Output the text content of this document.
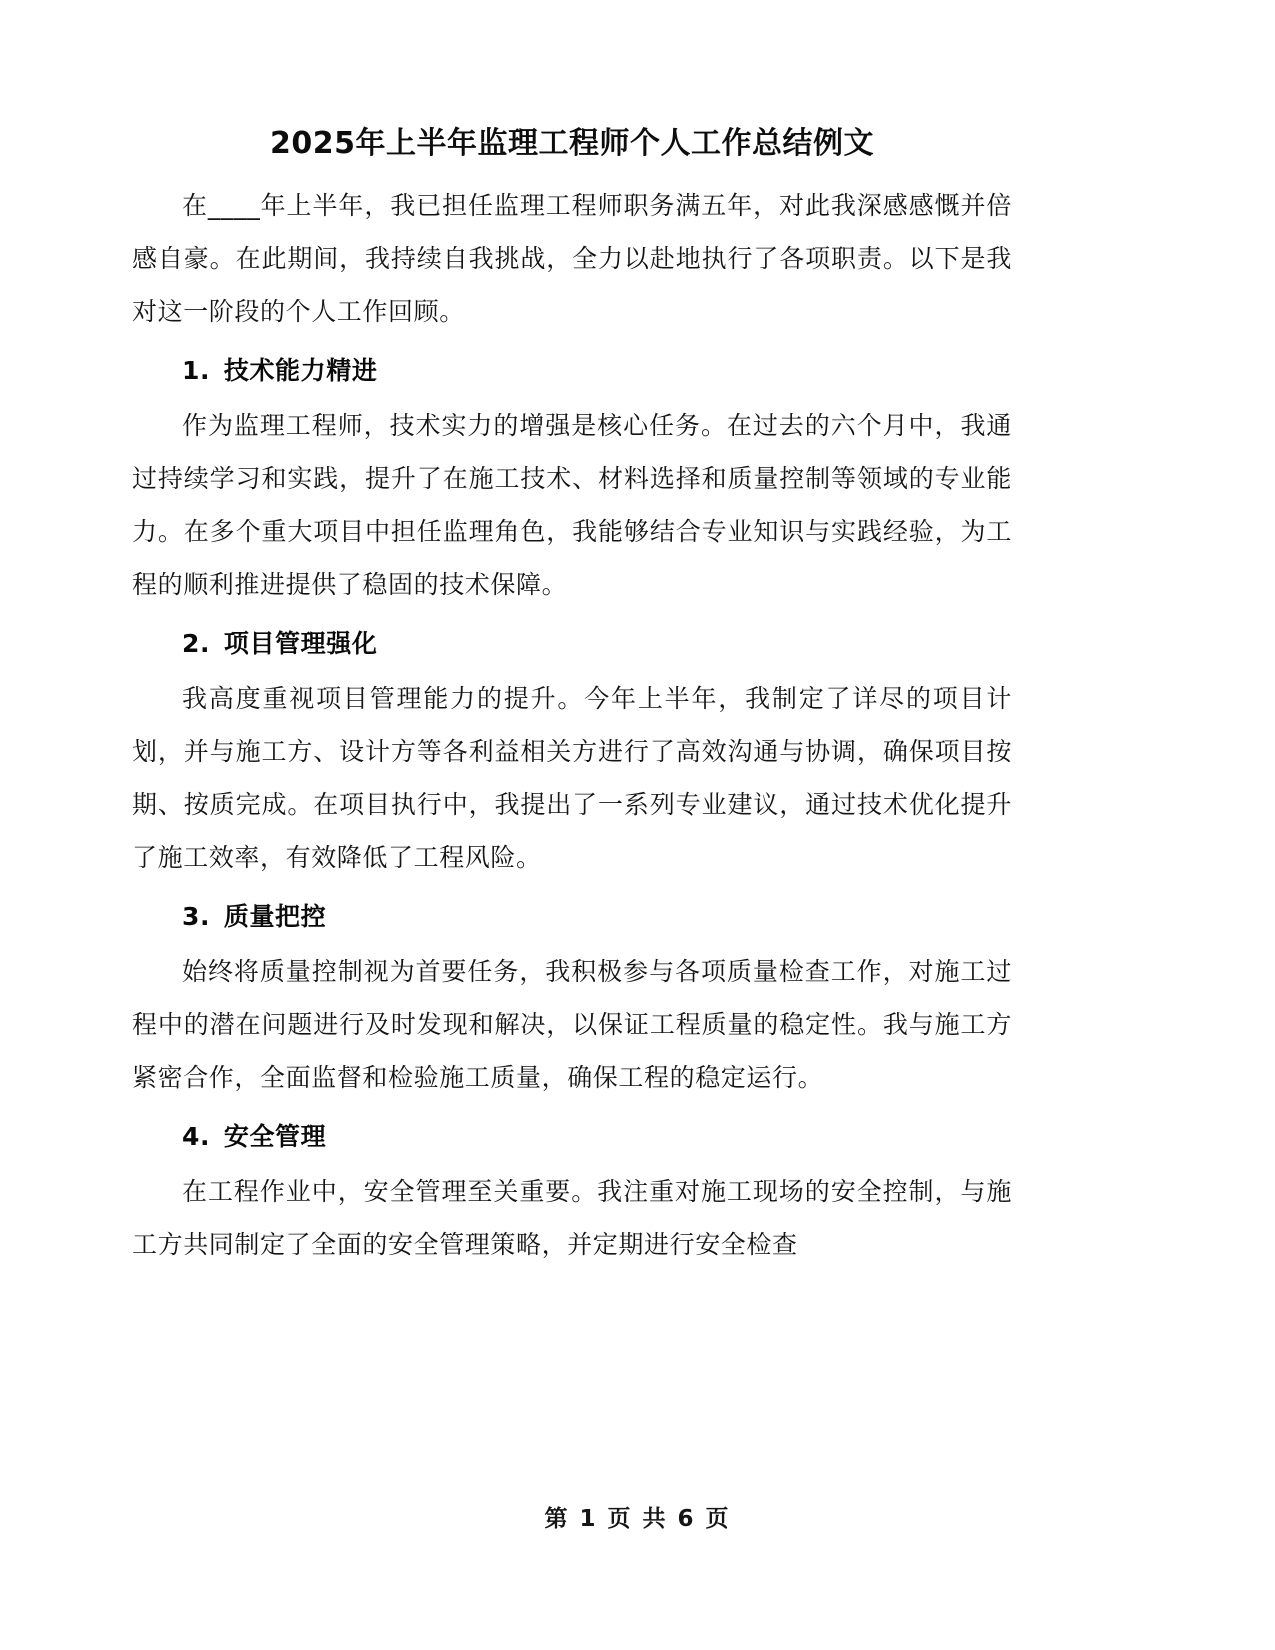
2025年上半年监理工程师个人工作总结例文

在____年上半年，我已担任监理工程师职务满五年，对此我深感感慨并倍感自豪。在此期间，我持续自我挑战，全力以赴地执行了各项职责。以下是我对这一阶段的个人工作回顾。

1. 技术能力精进

作为监理工程师，技术实力的增强是核心任务。在过去的六个月中，我通过持续学习和实践，提升了在施工技术、材料选择和质量控制等领域的专业能力。在多个重大项目中担任监理角色，我能够结合专业知识与实践经验，为工程的顺利推进提供了稳固的技术保障。

2. 项目管理强化

我高度重视项目管理能力的提升。今年上半年，我制定了详尽的项目计划，并与施工方、设计方等各利益相关方进行了高效沟通与协调，确保项目按期、按质完成。在项目执行中，我提出了一系列专业建议，通过技术优化提升了施工效率，有效降低了工程风险。

3. 质量把控

始终将质量控制视为首要任务，我积极参与各项质量检查工作，对施工过程中的潜在问题进行及时发现和解决，以保证工程质量的稳定性。我与施工方紧密合作，全面监督和检验施工质量，确保工程的稳定运行。

4. 安全管理

在工程作业中，安全管理至关重要。我注重对施工现场的安全控制，与施工方共同制定了全面的安全管理策略，并定期进行安全检查

第 1 页 共 6 页
